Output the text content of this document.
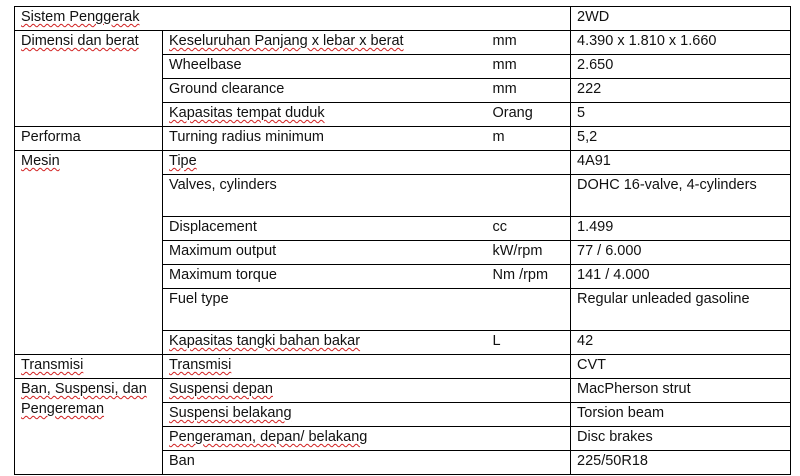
Sistem Penggerak			2WD
Dimensi dan berat	Keseluruhan Panjang x lebar x berat	mm	4.390 x 1.810 x 1.660
	Wheelbase	mm	2.650
	Ground clearance	mm	222
	Kapasitas tempat duduk	Orang	5
Performa	Turning radius minimum	m	5,2
Mesin	Tipe		4A91
	Valves, cylinders		DOHC 16-valve, 4-cylinders
	Displacement	cc	1.499
	Maximum output	kW/rpm	77 / 6.000
	Maximum torque	Nm /rpm	141 / 4.000
	Fuel type		Regular unleaded gasoline
	Kapasitas tangki bahan bakar	L	42
Transmisi	Transmisi		CVT
Ban, Suspensi, dan Pengereman	Suspensi depan		MacPherson strut
	Suspensi belakang		Torsion beam
	Pengeraman, depan/ belakang		Disc brakes
	Ban		225/50R18
